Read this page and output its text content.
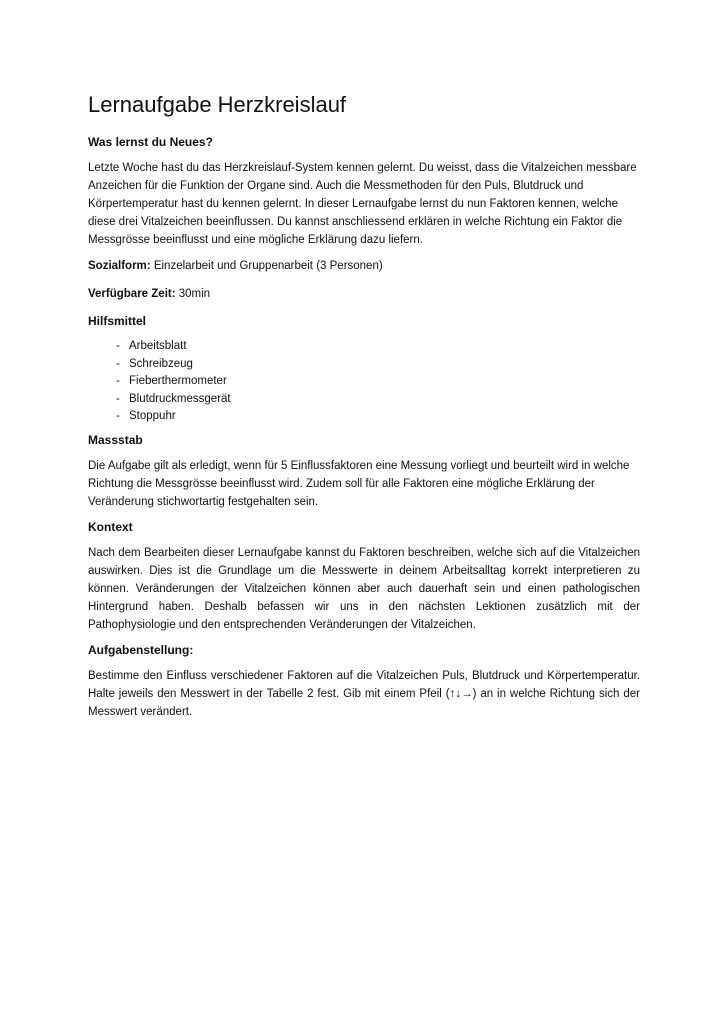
Lernaufgabe Herzkreislauf
Was lernst du Neues?

Letzte Woche hast du das Herzkreislauf-System kennen gelernt. Du weisst, dass die Vitalzeichen messbare Anzeichen für die Funktion der Organe sind. Auch die Messmethoden für den Puls, Blutdruck und Körpertemperatur hast du kennen gelernt. In dieser Lernaufgabe lernst du nun Faktoren kennen, welche diese drei Vitalzeichen beeinflussen. Du kannst anschliessend erklären in welche Richtung ein Faktor die Messgrösse beeinflusst und eine mögliche Erklärung dazu liefern.

Sozialform: Einzelarbeit und Gruppenarbeit (3 Personen)

Verfügbare Zeit: 30min

Hilfsmittel
- Arbeitsblatt
- Schreibzeug
- Fieberthermometer
- Blutdruckmessgerät
- Stoppuhr
Massstab

Die Aufgabe gilt als erledigt, wenn für 5 Einflussfaktoren eine Messung vorliegt und beurteilt wird in welche Richtung die Messgrösse beeinflusst wird. Zudem soll für alle Faktoren eine mögliche Erklärung der Veränderung stichwortartig festgehalten sein.

Kontext

Nach dem Bearbeiten dieser Lernaufgabe kannst du Faktoren beschreiben, welche sich auf die Vitalzeichen auswirken. Dies ist die Grundlage um die Messwerte in deinem Arbeitsalltag korrekt interpretieren zu können. Veränderungen der Vitalzeichen können aber auch dauerhaft sein und einen pathologischen Hintergrund haben. Deshalb befassen wir uns in den nächsten Lektionen zusätzlich mit der Pathophysiologie und den entsprechenden Veränderungen der Vitalzeichen.

Aufgabenstellung:

Bestimme den Einfluss verschiedener Faktoren auf die Vitalzeichen Puls, Blutdruck und Körpertemperatur. Halte jeweils den Messwert in der Tabelle 2 fest. Gib mit einem Pfeil (↑↓→) an in welche Richtung sich der Messwert verändert.
